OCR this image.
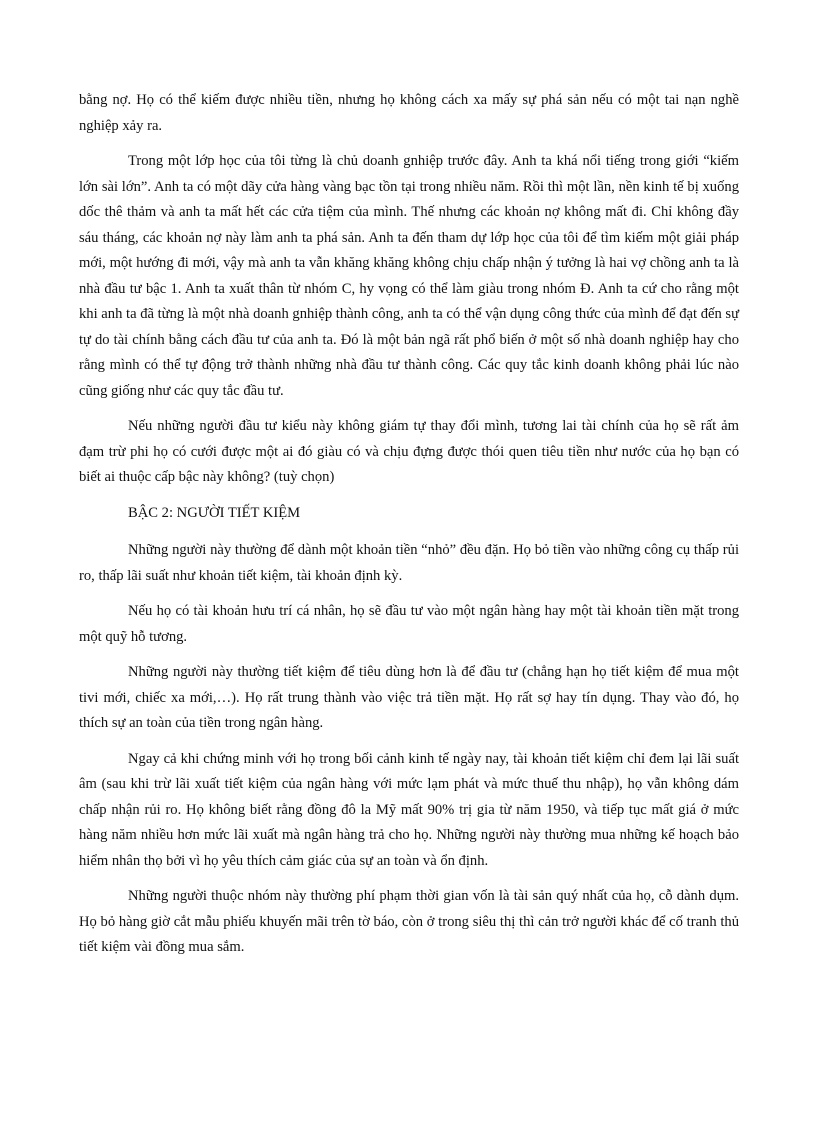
bằng nợ. Họ có thể kiếm được nhiều tiền, nhưng họ không cách xa mấy sự phá sản nếu có một tai nạn nghề nghiệp xảy ra.

Trong một lớp học của tôi từng là chủ doanh gnhiệp trước đây. Anh ta khá nổi tiếng trong giới “kiếm lớn sài lớn”. Anh ta có một dãy cửa hàng vàng bạc tồn tại trong nhiều năm. Rồi thì một lần, nền kinh tế bị xuống dốc thê thảm và anh ta mất hết các cửa tiệm của mình. Thế nhưng các khoản nợ không mất đi. Chỉ không đầy sáu tháng, các khoản nợ này làm anh ta phá sản. Anh ta đến tham dự lớp học của tôi để tìm kiếm một giải pháp mới, một hướng đi mới, vậy mà anh ta vẫn khăng khăng không chịu chấp nhận ý tưởng là hai vợ chồng anh ta là nhà đầu tư bậc 1. Anh ta xuất thân từ nhóm C, hy vọng có thể làm giàu trong nhóm Đ. Anh ta cứ cho rằng một khi anh ta đã từng là một nhà doanh gnhiệp thành công, anh ta có thể vận dụng công thức của mình để đạt đến sự tự do tài chính bằng cách đầu tư của anh ta. Đó là một bản ngã rất phổ biến ở một số nhà doanh nghiệp hay cho rằng mình có thể tự động trở thành những nhà đầu tư thành công. Các quy tắc kinh doanh không phải lúc nào cũng giống như các quy tắc đầu tư.

Nếu những người đầu tư kiểu này không giám tự thay đổi mình, tương lai tài chính của họ sẽ rất ảm đạm trừ phi họ có cưới được một ai đó giàu có và chịu đựng được thói quen tiêu tiền như nước của họ bạn có biết ai thuộc cấp bậc này không? (tuỳ chọn)

BẬC 2: NGƯỜI TIẾT KIỆM

Những người này thường để dành một khoản tiền “nhỏ” đều đặn. Họ bỏ tiền vào những công cụ thấp rủi ro, thấp lãi suất như khoản tiết kiệm, tài khoản định kỳ.

Nếu họ có tài khoản hưu trí cá nhân, họ sẽ đầu tư vào một ngân hàng hay một tài khoản tiền mặt trong một quỹ hỗ tương.

Những người này thường tiết kiệm để tiêu dùng hơn là để đầu tư (chẳng hạn họ tiết kiệm để mua một tivi mới, chiếc xa mới,…). Họ rất trung thành vào việc trả tiền mặt. Họ rất sợ hay tín dụng. Thay vào đó, họ thích sự an toàn của tiền trong ngân hàng.

Ngay cả khi chứng minh với họ trong bối cảnh kinh tế ngày nay, tài khoản tiết kiệm chỉ đem lại lãi suất âm (sau khi trừ lãi xuất tiết kiệm của ngân hàng với mức lạm phát và mức thuế thu nhập), họ vẫn không dám chấp nhận rủi ro. Họ không biết rằng đồng đô la Mỹ mất 90% trị gia từ năm 1950, và tiếp tục mất giá ở mức hàng năm nhiều hơn mức lãi xuất mà ngân hàng trả cho họ. Những người này thường mua những kế hoạch bảo hiểm nhân thọ bởi vì họ yêu thích cảm giác của sự an toàn và ổn định.

Những người thuộc nhóm này thường phí phạm thời gian vốn là tài sản quý nhất của họ, cỗ dành dụm. Họ bỏ hàng giờ cắt mẫu phiếu khuyến mãi trên tờ báo, còn ở trong siêu thị thì cản trở người khác để cố tranh thủ tiết kiệm vài đồng mua sắm.
